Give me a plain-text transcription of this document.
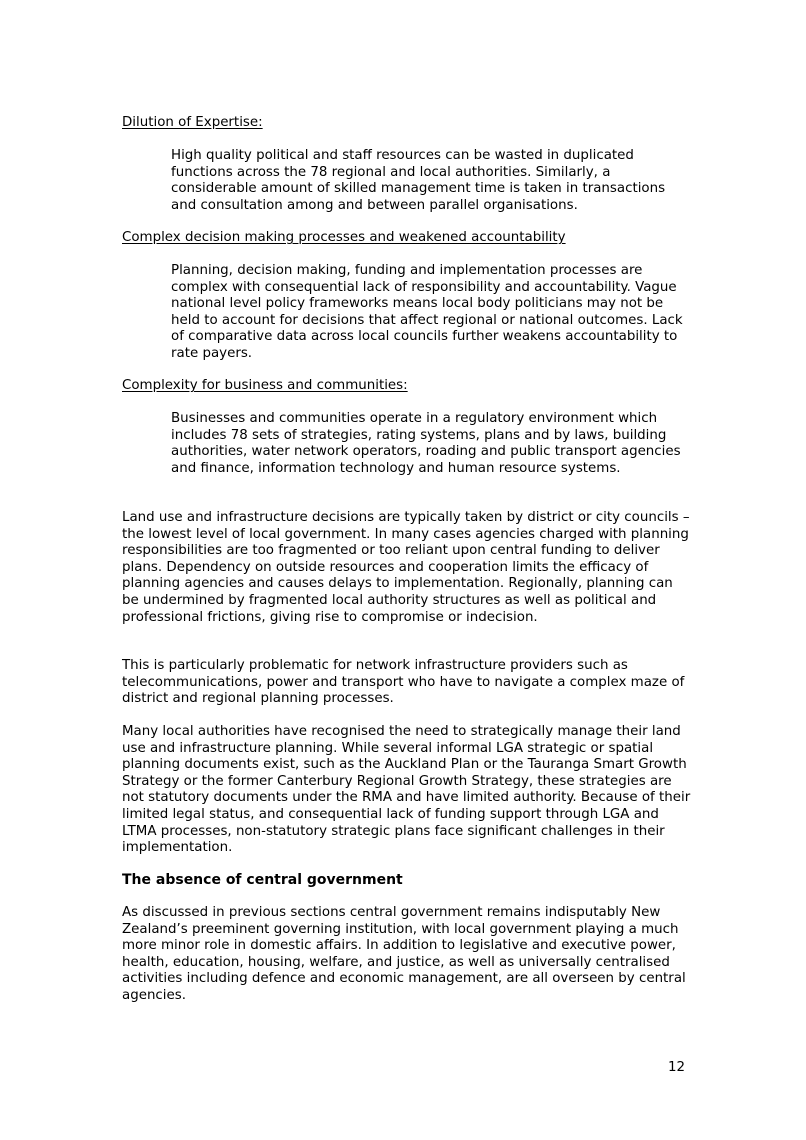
Dilution of Expertise:

High quality political and staff resources can be wasted in duplicated functions across the 78 regional and local authorities. Similarly, a considerable amount of skilled management time is taken in transactions and consultation among and between parallel organisations.

Complex decision making processes and weakened accountability

Planning, decision making, funding and implementation processes are complex with consequential lack of responsibility and accountability. Vague national level policy frameworks means local body politicians may not be held to account for decisions that affect regional or national outcomes. Lack of comparative data across local councils further weakens accountability to rate payers.

Complexity for business and communities:

Businesses and communities operate in a regulatory environment which includes 78 sets of strategies, rating systems, plans and by laws, building authorities, water network operators, roading and public transport agencies and finance, information technology and human resource systems.

Land use and infrastructure decisions are typically taken by district or city councils – the lowest level of local government. In many cases agencies charged with planning responsibilities are too fragmented or too reliant upon central funding to deliver plans. Dependency on outside resources and cooperation limits the efficacy of planning agencies and causes delays to implementation. Regionally, planning can be undermined by fragmented local authority structures as well as political and professional frictions, giving rise to compromise or indecision.

This is particularly problematic for network infrastructure providers such as telecommunications, power and transport who have to navigate a complex maze of district and regional planning processes.

Many local authorities have recognised the need to strategically manage their land use and infrastructure planning. While several informal LGA strategic or spatial planning documents exist, such as the Auckland Plan or the Tauranga Smart Growth Strategy or the former Canterbury Regional Growth Strategy, these strategies are not statutory documents under the RMA and have limited authority. Because of their limited legal status, and consequential lack of funding support through LGA and LTMA processes, non-statutory strategic plans face significant challenges in their implementation.

The absence of central government

As discussed in previous sections central government remains indisputably New Zealand’s preeminent governing institution, with local government playing a much more minor role in domestic affairs. In addition to legislative and executive power, health, education, housing, welfare, and justice, as well as universally centralised activities including defence and economic management, are all overseen by central agencies.

12
